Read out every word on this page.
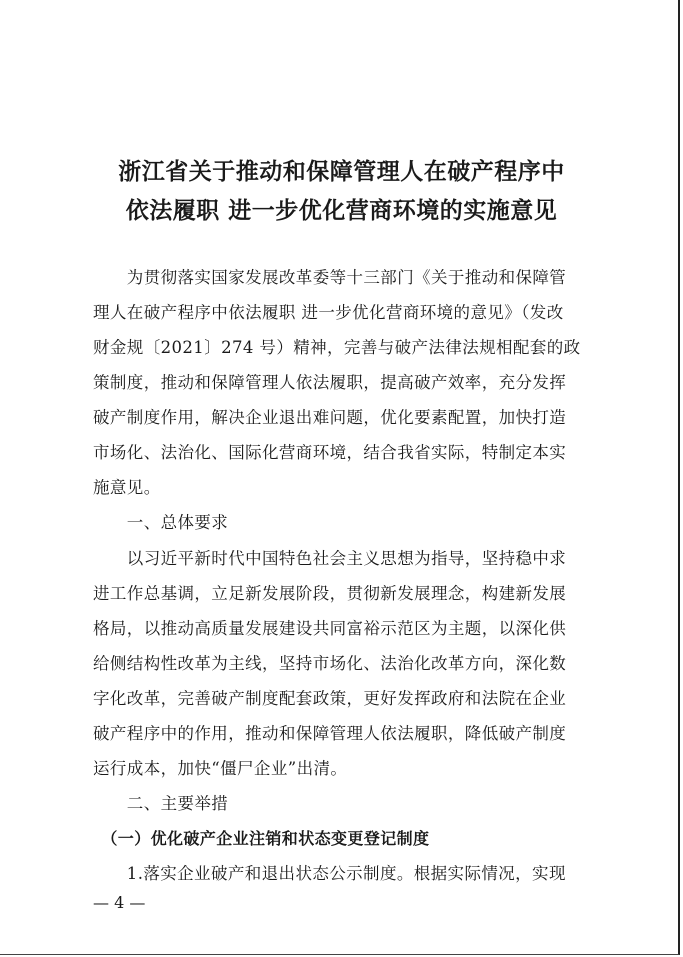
浙江省关于推动和保障管理人在破产程序中
依法履职 进一步优化营商环境的实施意见
　　为贯彻落实国家发展改革委等十三部门《关于推动和保障管
理人在破产程序中依法履职 进一步优化营商环境的意见》（发改
财金规〔2021〕274 号）精神，完善与破产法律法规相配套的政
策制度，推动和保障管理人依法履职，提高破产效率，充分发挥
破产制度作用，解决企业退出难问题，优化要素配置，加快打造
市场化、法治化、国际化营商环境，结合我省实际，特制定本实
施意见。
　　一、总体要求
　　以习近平新时代中国特色社会主义思想为指导，坚持稳中求
进工作总基调，立足新发展阶段，贯彻新发展理念，构建新发展
格局，以推动高质量发展建设共同富裕示范区为主题，以深化供
给侧结构性改革为主线，坚持市场化、法治化改革方向，深化数
字化改革，完善破产制度配套政策，更好发挥政府和法院在企业
破产程序中的作用，推动和保障管理人依法履职，降低破产制度
运行成本，加快“僵尸企业”出清。
　　二、主要举措
　（一）优化破产企业注销和状态变更登记制度
　　1.落实企业破产和退出状态公示制度。根据实际情况，实现
— 4 —
